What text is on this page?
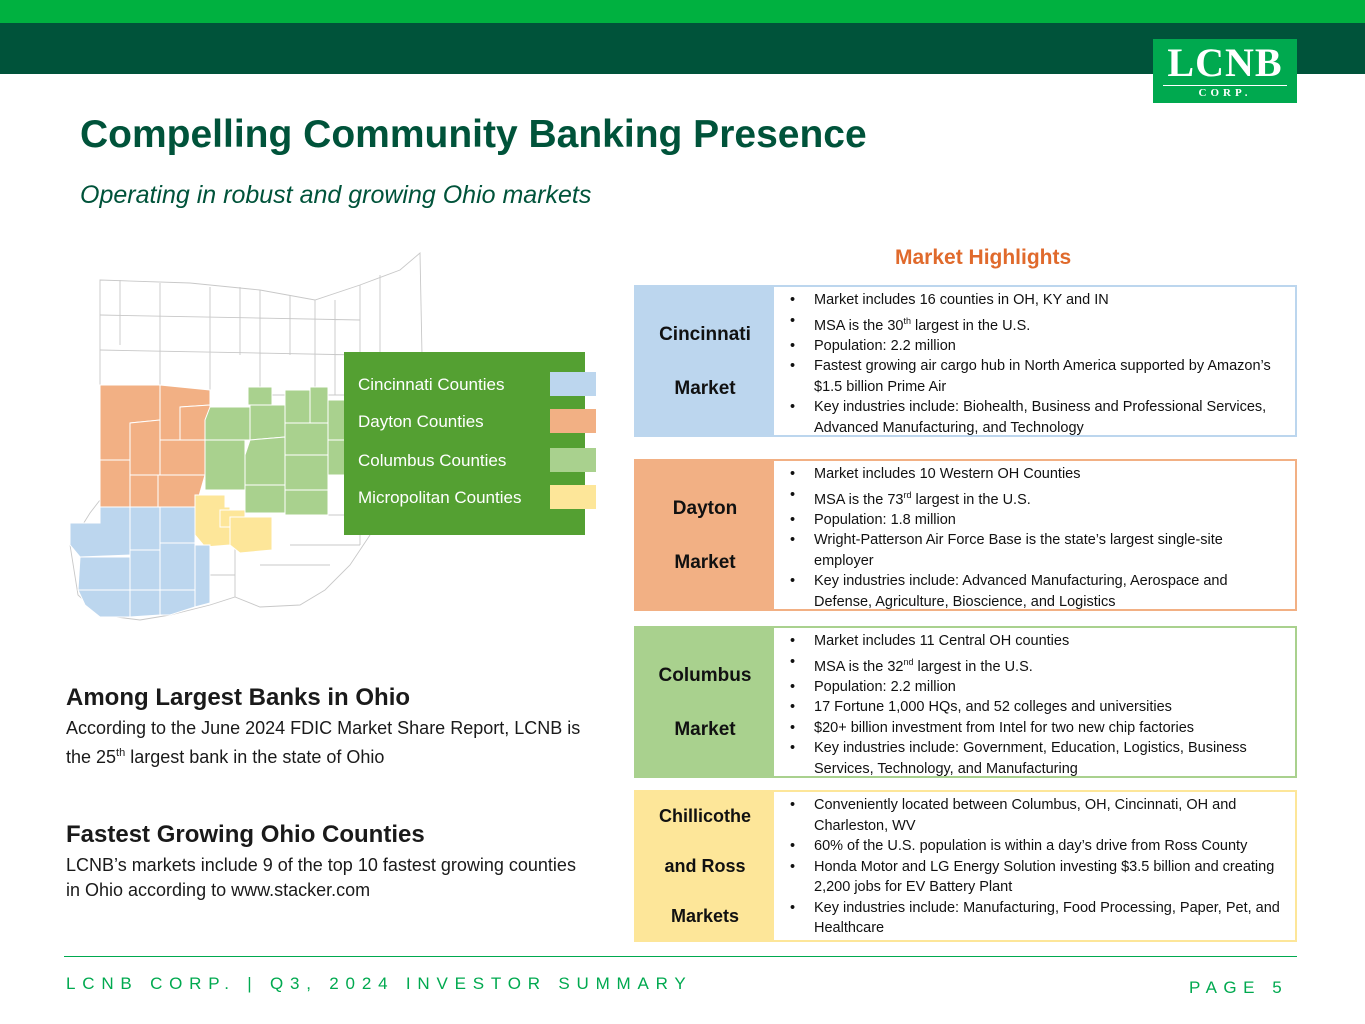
LCNB
CORP.
Compelling Community Banking Presence
Operating in robust and growing Ohio markets
Cincinnati Counties
Dayton Counties
Columbus Counties
Micropolitan Counties
Among Largest Banks in Ohio
According to the June 2024 FDIC Market Share Report, LCNB is
the 25th largest bank in the state of Ohio
Fastest Growing Ohio Counties
LCNB’s markets include 9 of the top 10 fastest growing counties
in Ohio according to www.stacker.com
Market Highlights
Cincinnati

Market
• Market includes 16 counties in OH, KY and IN
• MSA is the 30th largest in the U.S.
• Population: 2.2 million
• Fastest growing air cargo hub in North America supported by Amazon’s $1.5 billion Prime Air
• Key industries include: Biohealth, Business and Professional Services, Advanced Manufacturing, and Technology
Dayton

Market
• Market includes 10 Western OH Counties
• MSA is the 73rd largest in the U.S.
• Population: 1.8 million
• Wright-Patterson Air Force Base is the state’s largest single-site employer
• Key industries include: Advanced Manufacturing, Aerospace and Defense, Agriculture, Bioscience, and Logistics
Columbus

Market
• Market includes 11 Central OH counties
• MSA is the 32nd largest in the U.S.
• Population: 2.2 million
• 17 Fortune 1,000 HQs, and 52 colleges and universities
• $20+ billion investment from Intel for two new chip factories
• Key industries include: Government, Education, Logistics, Business Services, Technology, and Manufacturing
Chillicothe

and Ross

Markets
• Conveniently located between Columbus, OH, Cincinnati, OH and Charleston, WV
• 60% of the U.S. population is within a day’s drive from Ross County
• Honda Motor and LG Energy Solution investing $3.5 billion and creating 2,200 jobs for EV Battery Plant
• Key industries include: Manufacturing, Food Processing, Paper, Pet, and Healthcare
LCNB CORP. | Q3, 2024 INVESTOR SUMMARY	PAGE 5
